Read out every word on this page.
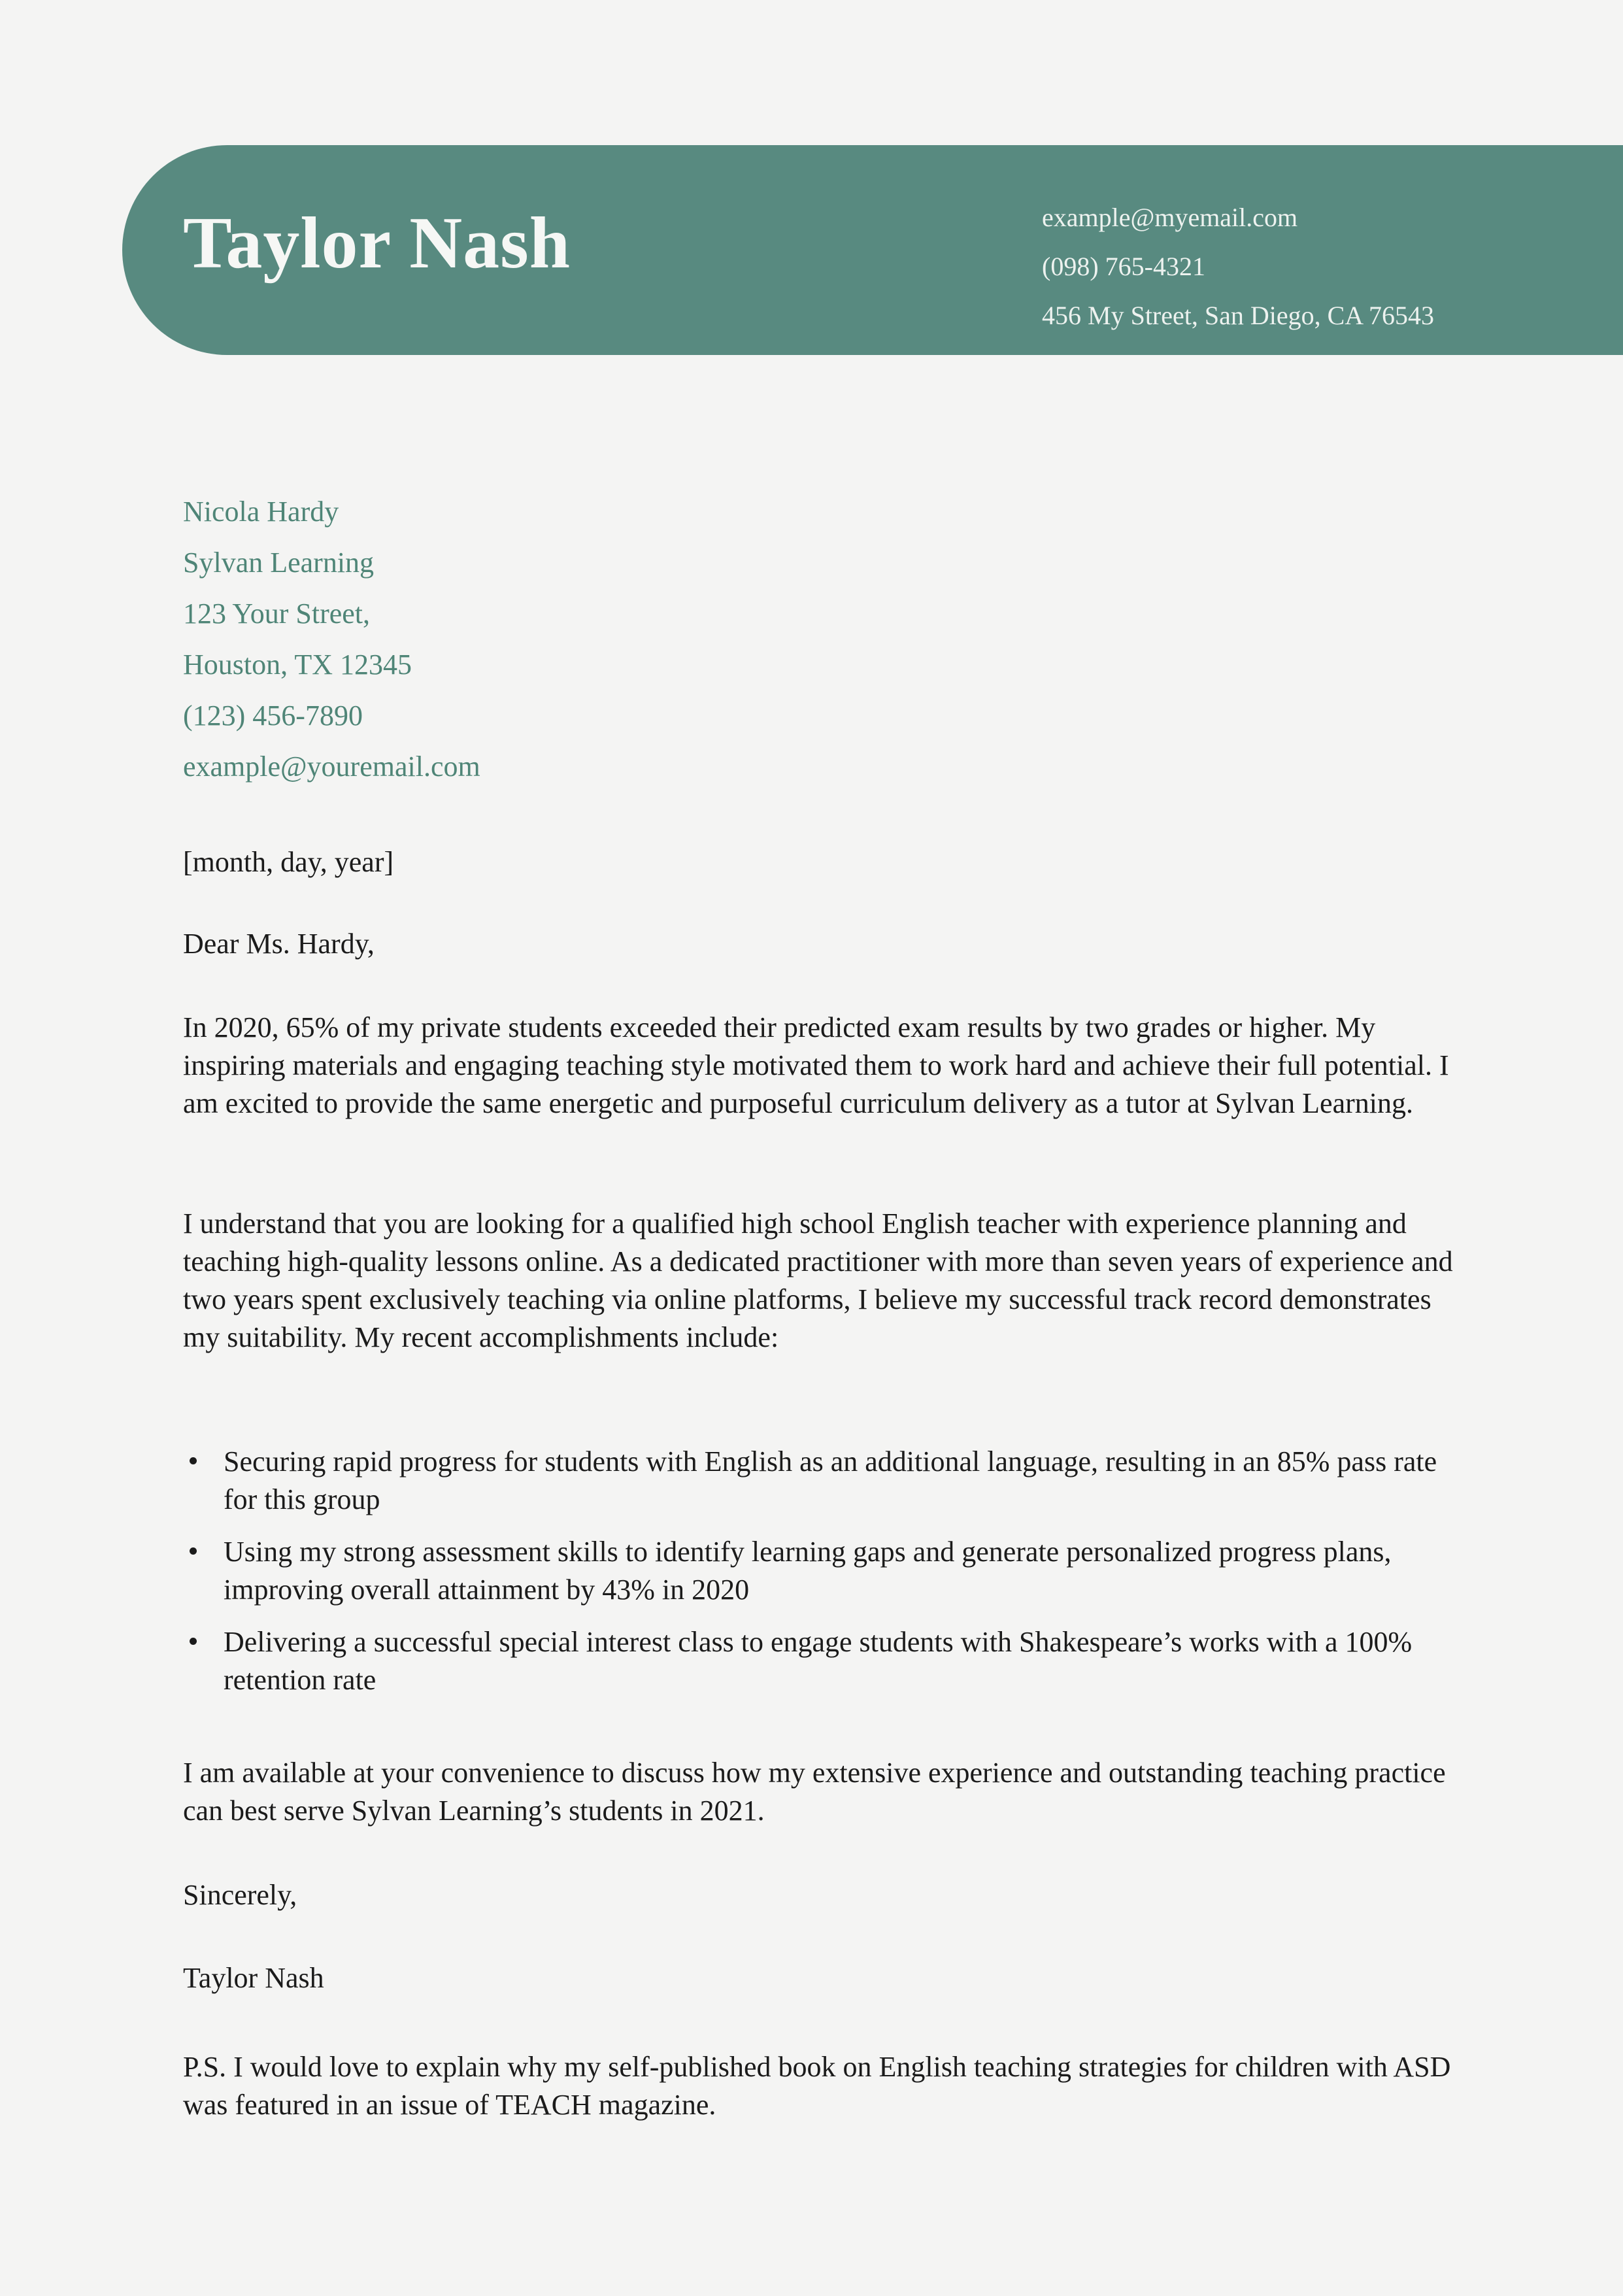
Taylor Nash	example@myemail.com
(098) 765-4321
456 My Street, San Diego, CA 76543
Nicola Hardy
Sylvan Learning
123 Your Street,
Houston, TX 12345
(123) 456-7890
example@youremail.com
[month, day, year]
Dear Ms. Hardy,
In 2020, 65% of my private students exceeded their predicted exam results by two grades or higher. My inspiring materials and engaging teaching style motivated them to work hard and achieve their full potential. I am excited to provide the same energetic and purposeful curriculum delivery as a tutor at Sylvan Learning.
I understand that you are looking for a qualified high school English teacher with experience planning and teaching high-quality lessons online. As a dedicated practitioner with more than seven years of experience and two years spent exclusively teaching via online platforms, I believe my successful track record demonstrates my suitability. My recent accomplishments include:
Securing rapid progress for students with English as an additional language, resulting in an 85% pass rate for this group
Using my strong assessment skills to identify learning gaps and generate personalized progress plans, improving overall attainment by 43% in 2020
Delivering a successful special interest class to engage students with Shakespeare’s works with a 100% retention rate
I am available at your convenience to discuss how my extensive experience and outstanding teaching practice can best serve Sylvan Learning’s students in 2021.
Sincerely,
Taylor Nash
P.S. I would love to explain why my self-published book on English teaching strategies for children with ASD was featured in an issue of TEACH magazine.
